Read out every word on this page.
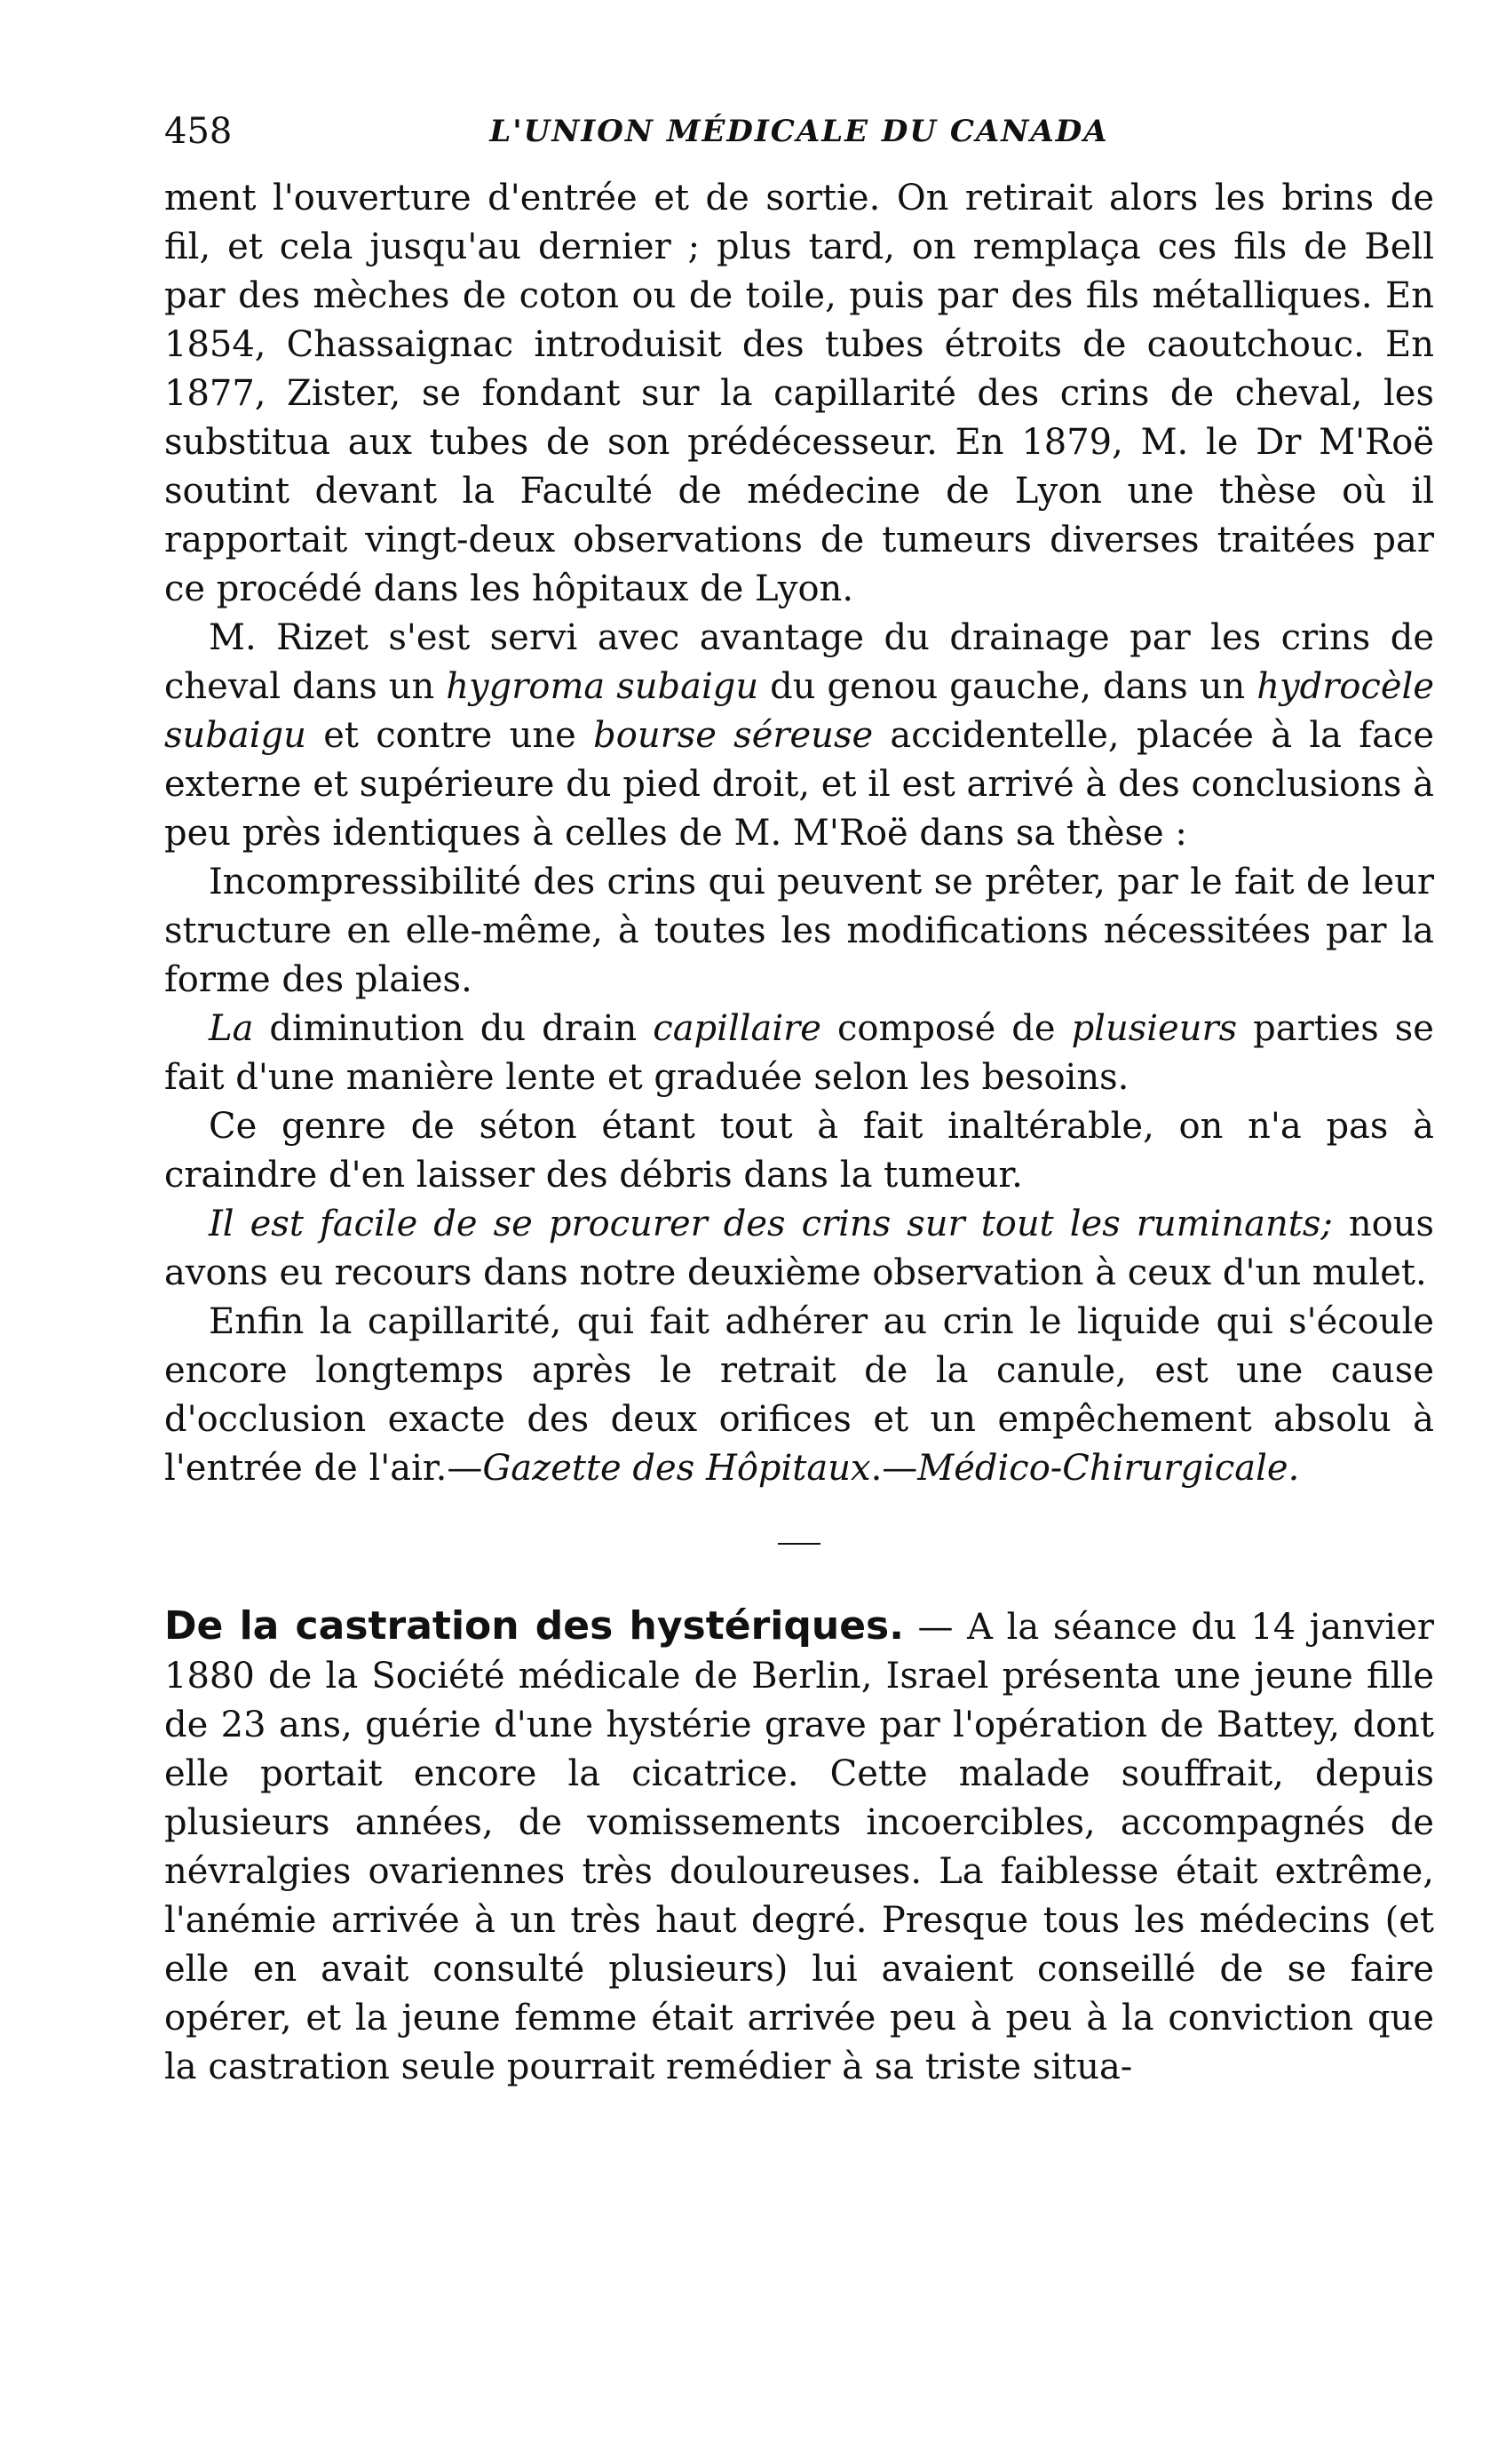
458	L'UNION MÉDICALE DU CANADA

ment l'ouverture d'entrée et de sortie. On retirait alors les brins de fil, et cela jusqu'au dernier ; plus tard, on remplaça ces fils de Bell par des mèches de coton ou de toile, puis par des fils métalliques. En 1854, Chassaignac introduisit des tubes étroits de caoutchouc. En 1877, Zister, se fondant sur la capillarité des crins de cheval, les substitua aux tubes de son prédécesseur. En 1879, M. le Dr M'Roë soutint devant la Faculté de médecine de Lyon une thèse où il rapportait vingt-deux observations de tumeurs diverses traitées par ce procédé dans les hôpitaux de Lyon.

M. Rizet s'est servi avec avantage du drainage par les crins de cheval dans un hygroma subaigu du genou gauche, dans un hydrocèle subaigu et contre une bourse séreuse accidentelle, placée à la face externe et supérieure du pied droit, et il est arrivé à des conclusions à peu près identiques à celles de M. M'Roë dans sa thèse :

Incompressibilité des crins qui peuvent se prêter, par le fait de leur structure en elle-même, à toutes les modifications nécessitées par la forme des plaies.

La diminution du drain capillaire composé de plusieurs parties se fait d'une manière lente et graduée selon les besoins.

Ce genre de séton étant tout à fait inaltérable, on n'a pas à craindre d'en laisser des débris dans la tumeur.

Il est facile de se procurer des crins sur tout les ruminants; nous avons eu recours dans notre deuxième observation à ceux d'un mulet.

Enfin la capillarité, qui fait adhérer au crin le liquide qui s'écoule encore longtemps après le retrait de la canule, est une cause d'occlusion exacte des deux orifices et un empêchement absolu à l'entrée de l'air.—Gazette des Hôpitaux.—Médico-Chirurgicale.

De la castration des hystériques. — A la séance du 14 janvier 1880 de la Société médicale de Berlin, Israel présenta une jeune fille de 23 ans, guérie d'une hystérie grave par l'opération de Battey, dont elle portait encore la cicatrice. Cette malade souffrait, depuis plusieurs années, de vomissements incoercibles, accompagnés de névralgies ovariennes très douloureuses. La faiblesse était extrême, l'anémie arrivée à un très haut degré. Presque tous les médecins (et elle en avait consulté plusieurs) lui avaient conseillé de se faire opérer, et la jeune femme était arrivée peu à peu à la conviction que la castration seule pourrait remédier à sa triste situa-
